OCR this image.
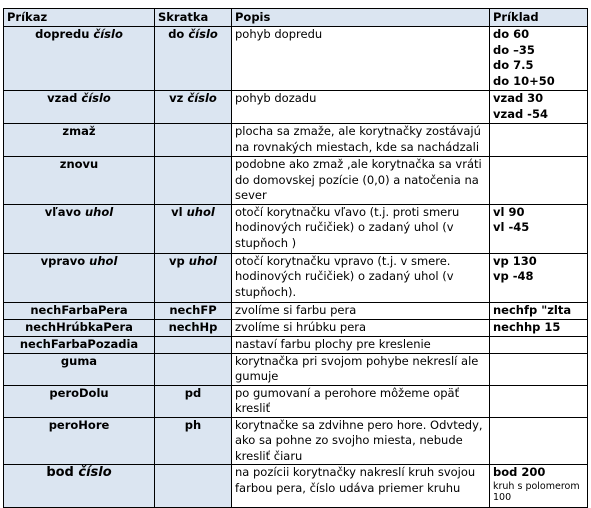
Príkaz	Skratka	Popis	Príklad
dopredu číslo	do číslo	pohyb dopredu	do 60
do –35
do 7.5
do 10+50

vzad číslo	vz číslo	pohyb dozadu	vzad 30
vzad -54

zmaž		plocha sa zmaže, ale korytnačky zostávajú na rovnakých miestach, kde sa nachádzali	
znovu		podobne ako zmaž ,ale korytnačka sa vráti do domovskej pozície (0,0) a natočenia na sever	
vľavo uhol	vl uhol	otočí korytnačku vľavo (t.j. proti smeru hodinových ručičiek) o zadaný uhol (v stupňoch )	vl 90
vl -45

vpravo uhol	vp uhol	otočí korytnačku vpravo (t.j. v smere. hodinových ručičiek) o zadaný uhol (v stupňoch).	vp 130
vp -48

nechFarbaPera	nechFP	zvolíme si farbu pera	nechfp "zlta

nechHrúbkaPera	nechHp	zvolíme si hrúbku pera	nechhp 15

nechFarbaPozadia		nastaví farbu plochy pre kreslenie	
guma		korytnačka pri svojom pohybe nekreslí ale gumuje	
peroDolu	pd	po gumovaní a perohore môžeme opäť kresliť	
peroHore	ph	korytnačke sa zdvihne pero hore. Odvtedy, ako sa pohne zo svojho miesta, nebude kresliť čiaru	
bod číslo		na pozícii korytnačky nakreslí kruh svojou farbou pera, číslo udáva priemer kruhu	bod 200
kruh s polomerom 100
